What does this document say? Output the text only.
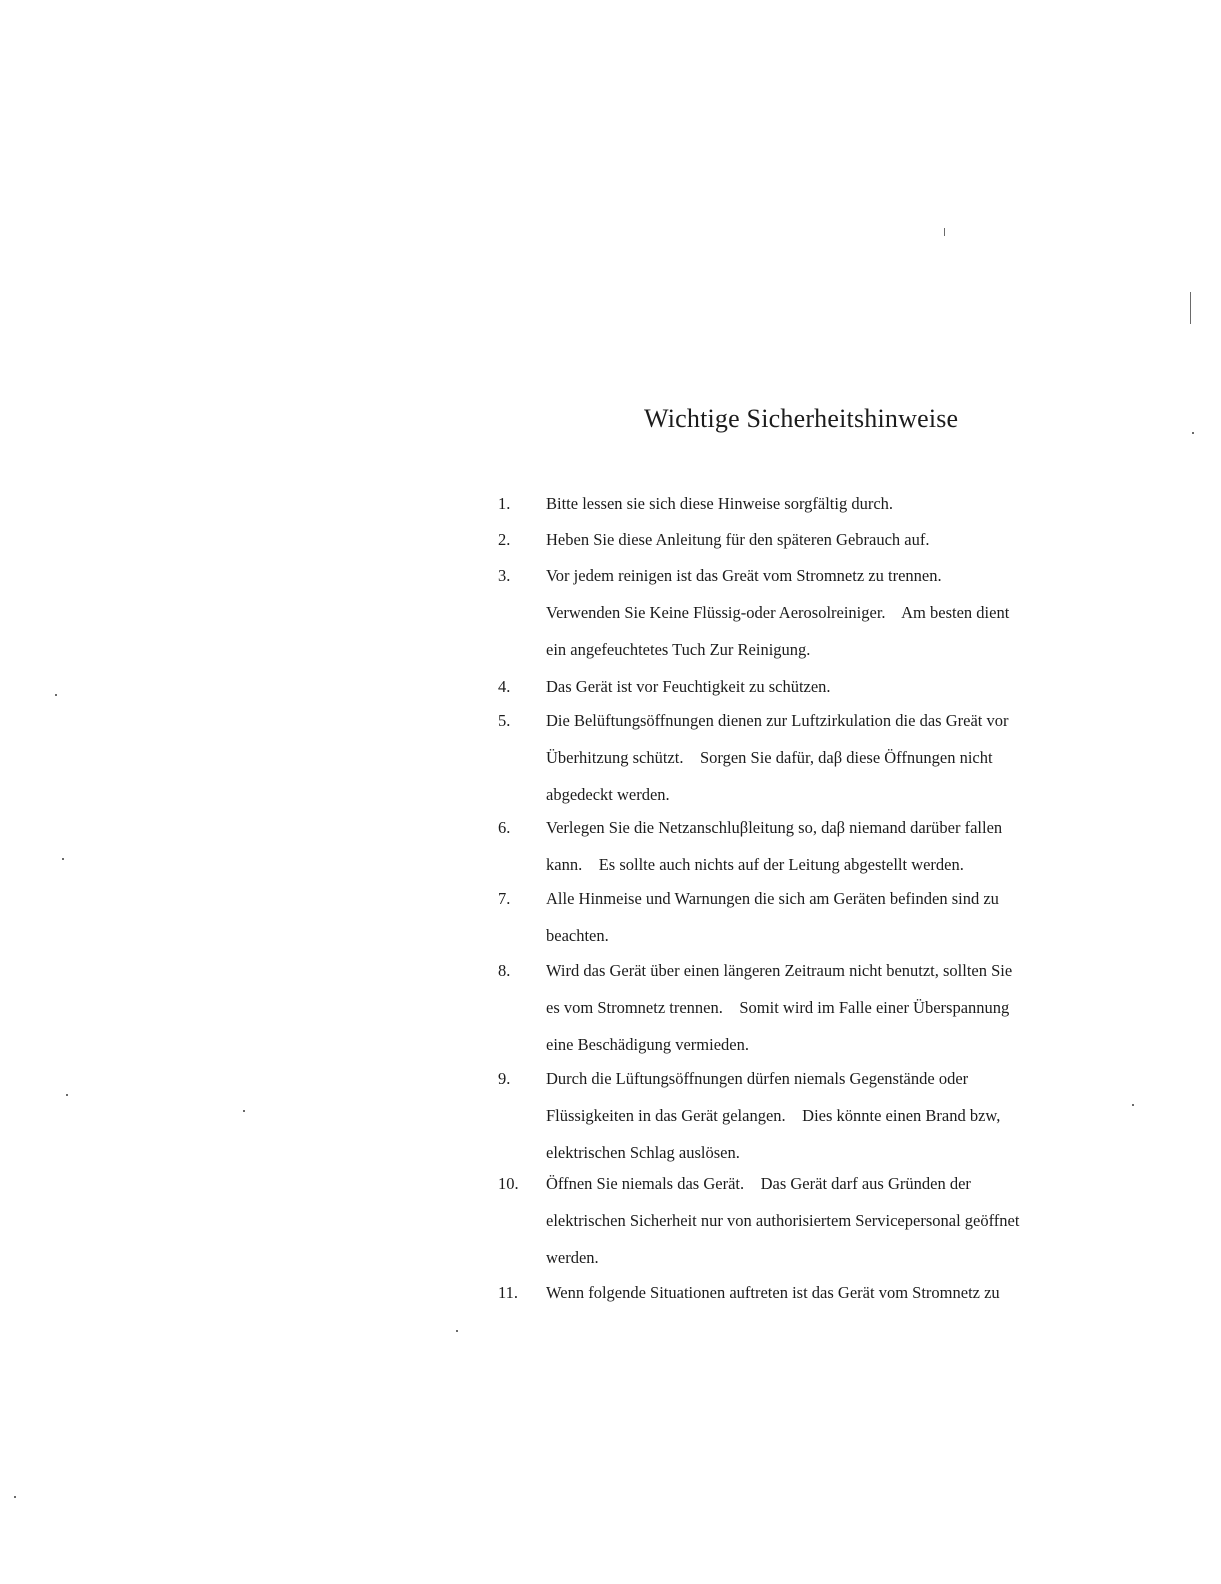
Wichtige Sicherheitshinweise
1.	Bitte lessen sie sich diese Hinweise sorgfältig durch.
2.	Heben Sie diese Anleitung für den späteren Gebrauch auf.
3.	Vor jedem reinigen ist das Greät vom Stromnetz zu trennen.
Verwenden Sie Keine Flüssig-oder Aerosolreiniger.    Am besten dient
ein angefeuchtetes Tuch Zur Reinigung.
4.	Das Gerät ist vor Feuchtigkeit zu schützen.
5.	Die Belüftungsöffnungen dienen zur Luftzirkulation die das Greät vor
Überhitzung schützt.    Sorgen Sie dafür, daβ diese Öffnungen nicht
abgedeckt werden.
6.	Verlegen Sie die Netzanschluβleitung so, daβ niemand darüber fallen
kann.    Es sollte auch nichts auf der Leitung abgestellt werden.
7.	Alle Hinmeise und Warnungen die sich am Geräten befinden sind zu
beachten.
8.	Wird das Gerät über einen längeren Zeitraum nicht benutzt, sollten Sie
es vom Stromnetz trennen.    Somit wird im Falle einer Überspannung
eine Beschädigung vermieden.
9.	Durch die Lüftungsöffnungen dürfen niemals Gegenstände oder
Flüssigkeiten in das Gerät gelangen.    Dies könnte einen Brand bzw,
elektrischen Schlag auslösen.
10.	Öffnen Sie niemals das Gerät.    Das Gerät darf aus Gründen der
elektrischen Sicherheit nur von authorisiertem Servicepersonal geöffnet
werden.
11.	Wenn folgende Situationen auftreten ist das Gerät vom Stromnetz zu
